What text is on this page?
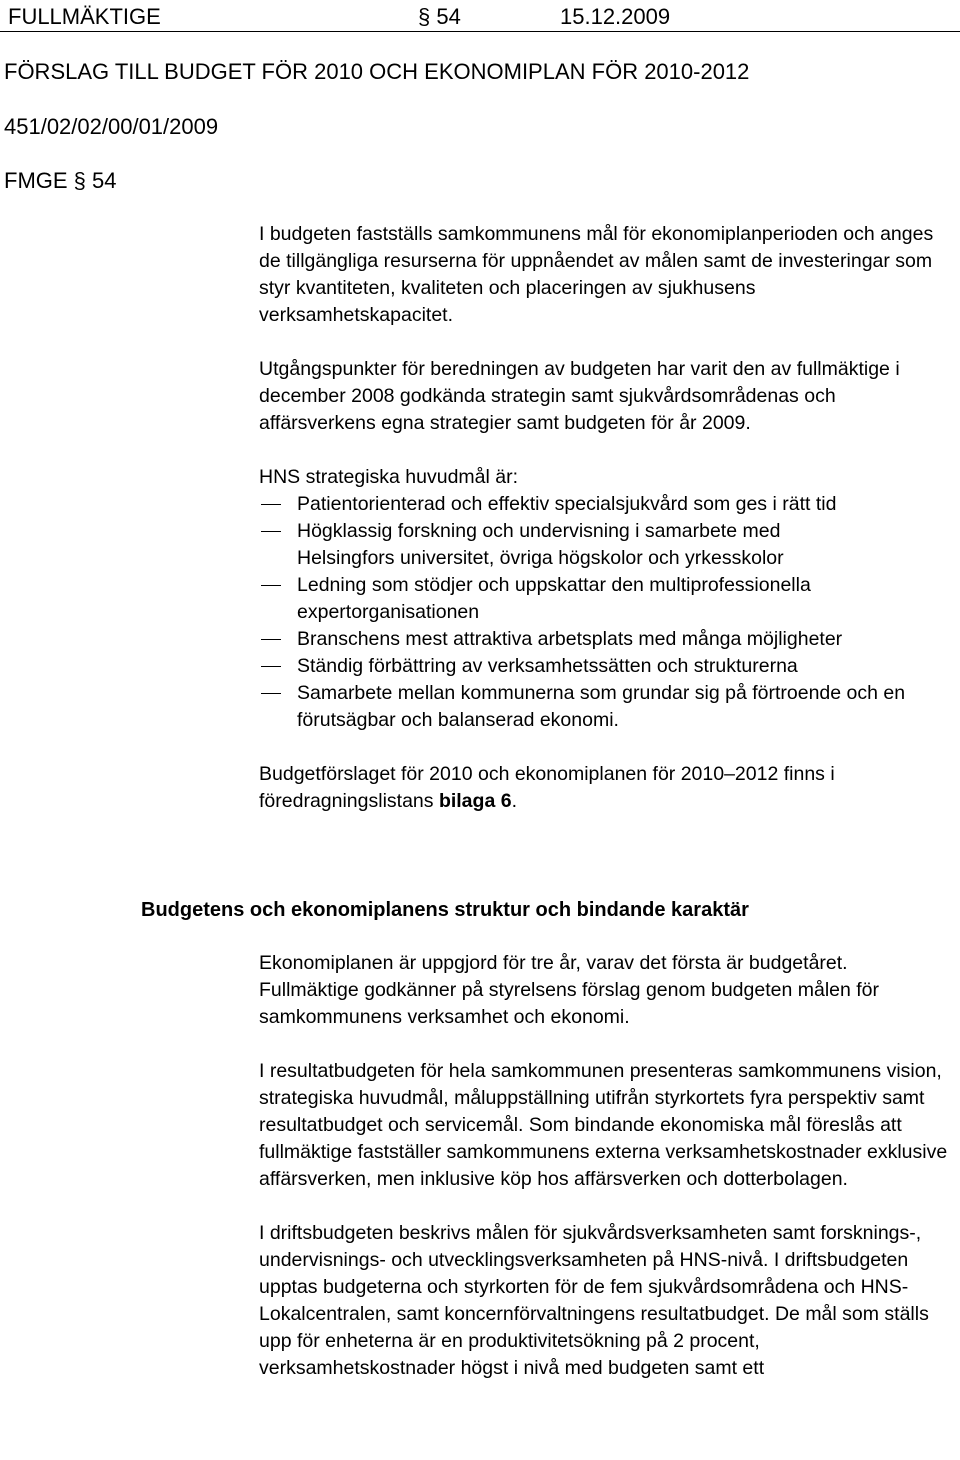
FULLMÄKTIGE	§ 54	15.12.2009
FÖRSLAG TILL BUDGET FÖR 2010 OCH EKONOMIPLAN FÖR 2010-2012
451/02/02/00/01/2009
FMGE § 54

I budgeten fastställs samkommunens mål för ekonomiplanperioden och anges de tillgängliga resurserna för uppnåendet av målen samt de investeringar som styr kvantiteten, kvaliteten och placeringen av sjukhusens verksamhetskapacitet.

Utgångspunkter för beredningen av budgeten har varit den av fullmäktige i december 2008 godkända strategin samt sjukvårdsområdenas och affärsverkens egna strategier samt budgeten för år 2009.

HNS strategiska huvudmål är:

Patientorienterad och effektiv specialsjukvård som ges i rätt tid
Högklassig forskning och undervisning i samarbete med Helsingfors universitet, övriga högskolor och yrkesskolor
Ledning som stödjer och uppskattar den multiprofessionella expertorganisationen
Branschens mest attraktiva arbetsplats med många möjligheter
Ständig förbättring av verksamhetssätten och strukturerna
Samarbete mellan kommunerna som grundar sig på förtroende och en förutsägbar och balanserad ekonomi.

Budgetförslaget för 2010 och ekonomiplanen för 2010–2012 finns i föredragningslistans bilaga 6.

Budgetens och ekonomiplanens struktur och bindande karaktär

Ekonomiplanen är uppgjord för tre år, varav det första är budgetåret. Fullmäktige godkänner på styrelsens förslag genom budgeten målen för samkommunens verksamhet och ekonomi.

I resultatbudgeten för hela samkommunen presenteras samkommunens vision, strategiska huvudmål, måluppställning utifrån styrkortets fyra perspektiv samt resultatbudget och servicemål. Som bindande ekonomiska mål föreslås att fullmäktige fastställer samkommunens externa verksamhetskostnader exklusive affärsverken, men inklusive köp hos affärsverken och dotterbolagen.

I driftsbudgeten beskrivs målen för sjukvårdsverksamheten samt forsknings-, undervisnings- och utvecklingsverksamheten på HNS-nivå. I driftsbudgeten upptas budgeterna och styrkorten för de fem sjukvårdsområdena och HNS-Lokalcentralen, samt koncernförvaltningens resultatbudget. De mål som ställs upp för enheterna är en produktivitetsökning på 2 procent, verksamhetskostnader högst i nivå med budgeten samt ett
